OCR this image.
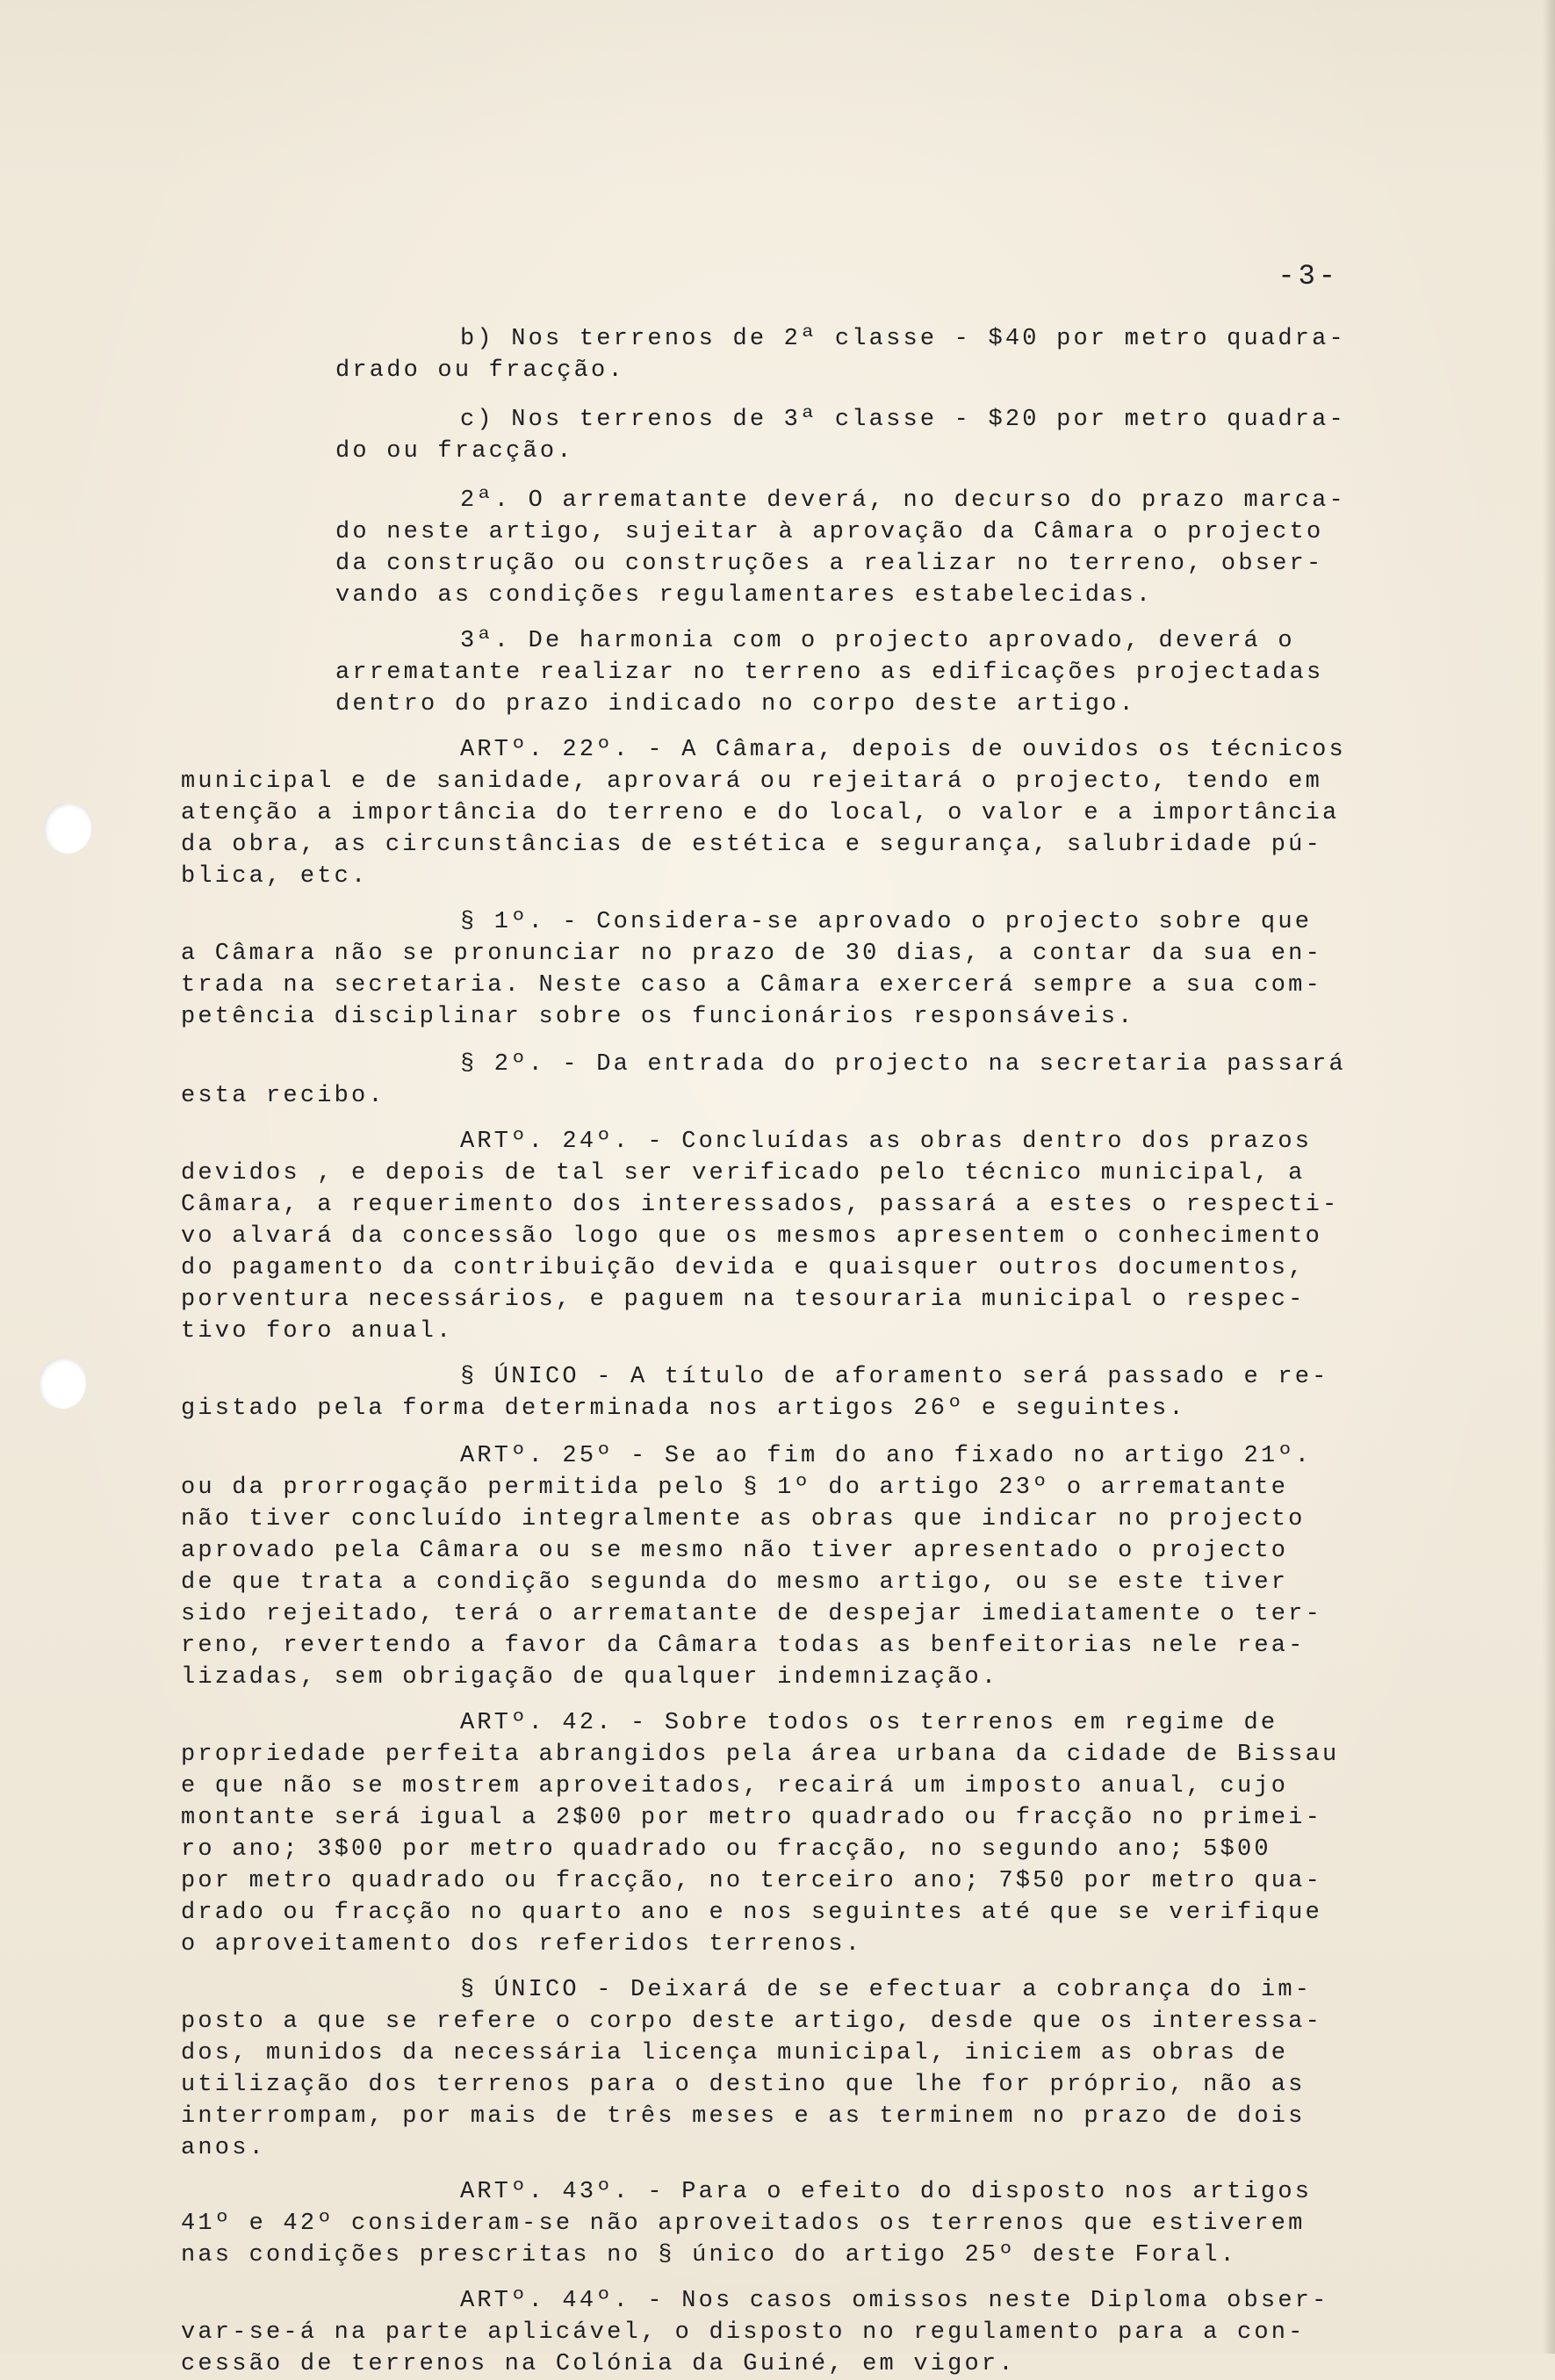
-3-
b) Nos terrenos de 2ª classe - $40 por metro quadra-
drado ou fracção.
c) Nos terrenos de 3ª classe - $20 por metro quadra-
do ou fracção.
2ª. O arrematante deverá, no decurso do prazo marca-
do neste artigo, sujeitar à aprovação da Câmara o projecto
da construção ou construções a realizar no terreno, obser-
vando as condições regulamentares estabelecidas.
3ª. De harmonia com o projecto aprovado, deverá o
arrematante realizar no terreno as edificações projectadas
dentro do prazo indicado no corpo deste artigo.
ARTº. 22º. - A Câmara, depois de ouvidos os técnicos
municipal e de sanidade, aprovará ou rejeitará o projecto, tendo em
atenção a importância do terreno e do local, o valor e a importância
da obra, as circunstâncias de estética e segurança, salubridade pú-
blica, etc.
§ 1º. - Considera-se aprovado o projecto sobre que
a Câmara não se pronunciar no prazo de 30 dias, a contar da sua en-
trada na secretaria. Neste caso a Câmara exercerá sempre a sua com-
petência disciplinar sobre os funcionários responsáveis.
§ 2º. - Da entrada do projecto na secretaria passará
esta recibo.
ARTº. 24º. - Concluídas as obras dentro dos prazos
devidos , e depois de tal ser verificado pelo técnico municipal, a
Câmara, a requerimento dos interessados, passará a estes o respecti-
vo alvará da concessão logo que os mesmos apresentem o conhecimento
do pagamento da contribuição devida e quaisquer outros documentos,
porventura necessários, e paguem na tesouraria municipal o respec-
tivo foro anual.
§ ÚNICO - A título de aforamento será passado e re-
gistado pela forma determinada nos artigos 26º e seguintes.
ARTº. 25º - Se ao fim do ano fixado no artigo 21º.
ou da prorrogação permitida pelo § 1º do artigo 23º o arrematante
não tiver concluído integralmente as obras que indicar no projecto
aprovado pela Câmara ou se mesmo não tiver apresentado o projecto
de que trata a condição segunda do mesmo artigo, ou se este tiver
sido rejeitado, terá o arrematante de despejar imediatamente o ter-
reno, revertendo a favor da Câmara todas as benfeitorias nele rea-
lizadas, sem obrigação de qualquer indemnização.
ARTº. 42. - Sobre todos os terrenos em regime de
propriedade perfeita abrangidos pela área urbana da cidade de Bissau
e que não se mostrem aproveitados, recairá um imposto anual, cujo
montante será igual a 2$00 por metro quadrado ou fracção no primei-
ro ano; 3$00 por metro quadrado ou fracção, no segundo ano; 5$00
por metro quadrado ou fracção, no terceiro ano; 7$50 por metro qua-
drado ou fracção no quarto ano e nos seguintes até que se verifique
o aproveitamento dos referidos terrenos.
§ ÚNICO - Deixará de se efectuar a cobrança do im-
posto a que se refere o corpo deste artigo, desde que os interessa-
dos, munidos da necessária licença municipal, iniciem as obras de
utilização dos terrenos para o destino que lhe for próprio, não as
interrompam, por mais de três meses e as terminem no prazo de dois
anos.
ARTº. 43º. - Para o efeito do disposto nos artigos
41º e 42º consideram-se não aproveitados os terrenos que estiverem
nas condições prescritas no § único do artigo 25º deste Foral.
ARTº. 44º. - Nos casos omissos neste Diploma obser-
var-se-á na parte aplicável, o disposto no regulamento para a con-
cessão de terrenos na Colónia da Guiné, em vigor.
